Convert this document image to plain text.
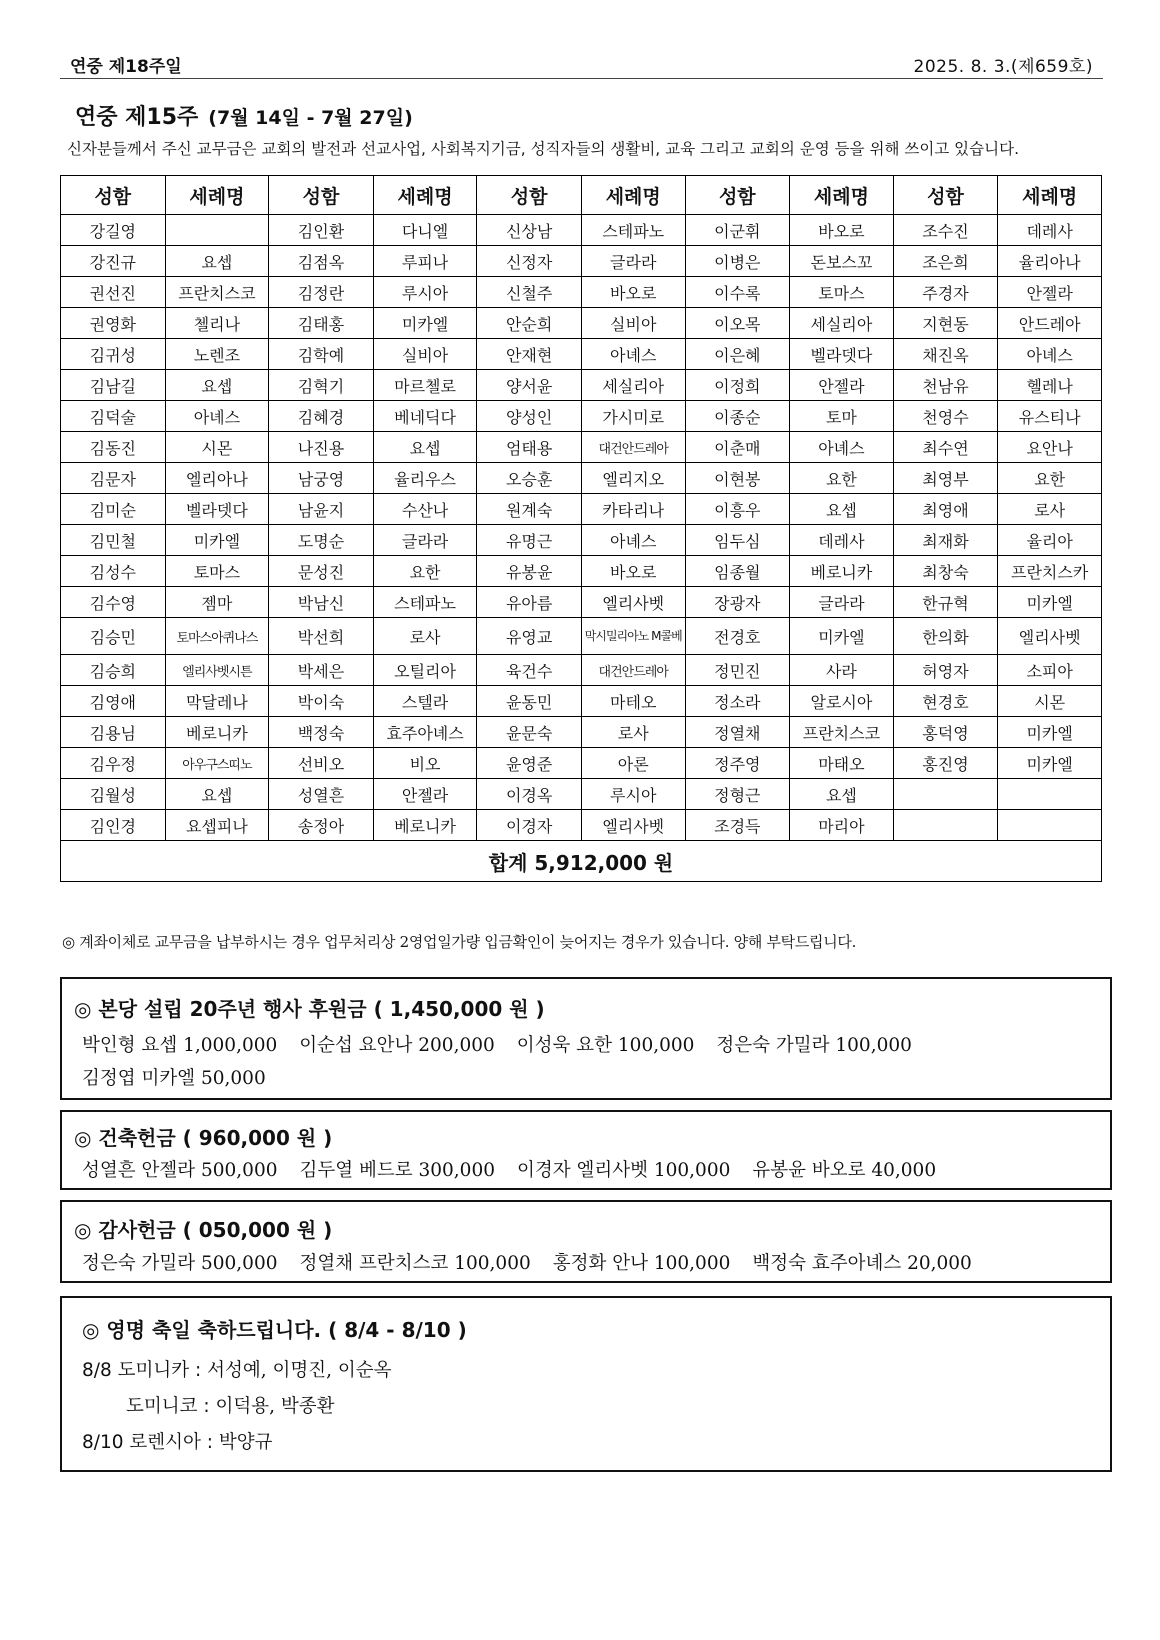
연중 제18주일	2025. 8. 3.(제659호)
연중 제15주 (7월 14일 - 7월 27일)
신자분들께서 주신 교무금은 교회의 발전과 선교사업, 사회복지기금, 성직자들의 생활비, 교육 그리고 교회의 운영 등을 위해 쓰이고 있습니다.
성함	세례명	성함	세례명	성함	세례명	성함	세례명	성함	세례명
강길영		김인환	다니엘	신상남	스테파노	이군휘	바오로	조수진	데레사
강진규	요셉	김점옥	루피나	신정자	글라라	이병은	돈보스꼬	조은희	율리아나
권선진	프란치스코	김정란	루시아	신철주	바오로	이수록	토마스	주경자	안젤라
권영화	첼리나	김태홍	미카엘	안순희	실비아	이오목	세실리아	지현동	안드레아
김귀성	노렌조	김학예	실비아	안재현	아녜스	이은혜	벨라뎃다	채진옥	아녜스
김남길	요셉	김혁기	마르첼로	양서윤	세실리아	이정희	안젤라	천남유	헬레나
김덕술	아녜스	김혜경	베네딕다	양성인	가시미로	이종순	토마	천영수	유스티나
김동진	시몬	나진용	요셉	엄태용	대건안드레아	이춘매	아녜스	최수연	요안나
김문자	엘리아나	남궁영	율리우스	오승훈	엘리지오	이현봉	요한	최영부	요한
김미순	벨라뎃다	남윤지	수산나	원계숙	카타리나	이흥우	요셉	최영애	로사
김민철	미카엘	도명순	글라라	유명근	아녜스	임두심	데레사	최재화	율리아
김성수	토마스	문성진	요한	유봉윤	바오로	임종월	베로니카	최창숙	프란치스카
김수영	젬마	박남신	스테파노	유아름	엘리사벳	장광자	글라라	한규혁	미카엘
김승민	토마스아퀴나스	박선희	로사	유영교	막시밀리아노 M콜베	전경호	미카엘	한의화	엘리사벳
김승희	엘리사벳시튼	박세은	오틸리아	육건수	대건안드레아	정민진	사라	허영자	소피아
김영애	막달레나	박이숙	스텔라	윤동민	마테오	정소라	알로시아	현경호	시몬
김용님	베로니카	백정숙	효주아녜스	윤문숙	로사	정열채	프란치스코	홍덕영	미카엘
김우정	아우구스띠노	선비오	비오	윤영준	아론	정주영	마태오	홍진영	미카엘
김월성	요셉	성열흔	안젤라	이경옥	루시아	정형근	요셉		
김인경	요셉피나	송정아	베로니카	이경자	엘리사벳	조경득	마리아		
합계 5,912,000 원									
◎ 계좌이체로 교무금을 납부하시는 경우 업무처리상 2영업일가량 입금확인이 늦어지는 경우가 있습니다. 양해 부탁드립니다.
◎ 본당 설립 20주년 행사 후원금 ( 1,450,000 원 )
박인형 요셉 1,000,000 이순섭 요안나 200,000 이성욱 요한 100,000 정은숙 가밀라 100,000
김정엽 미카엘 50,000
◎ 건축헌금 ( 960,000 원 )
성열흔 안젤라 500,000 김두열 베드로 300,000 이경자 엘리사벳 100,000 유봉윤 바오로 40,000
◎ 감사헌금 ( 050,000 원 )
정은숙 가밀라 500,000 정열채 프란치스코 100,000 홍정화 안나 100,000 백정숙 효주아녜스 20,000
◎ 영명 축일 축하드립니다. ( 8/4 - 8/10 )
8/8 도미니카 : 서성예, 이명진, 이순옥
도미니코 : 이덕용, 박종환
8/10 로렌시아 : 박양규
